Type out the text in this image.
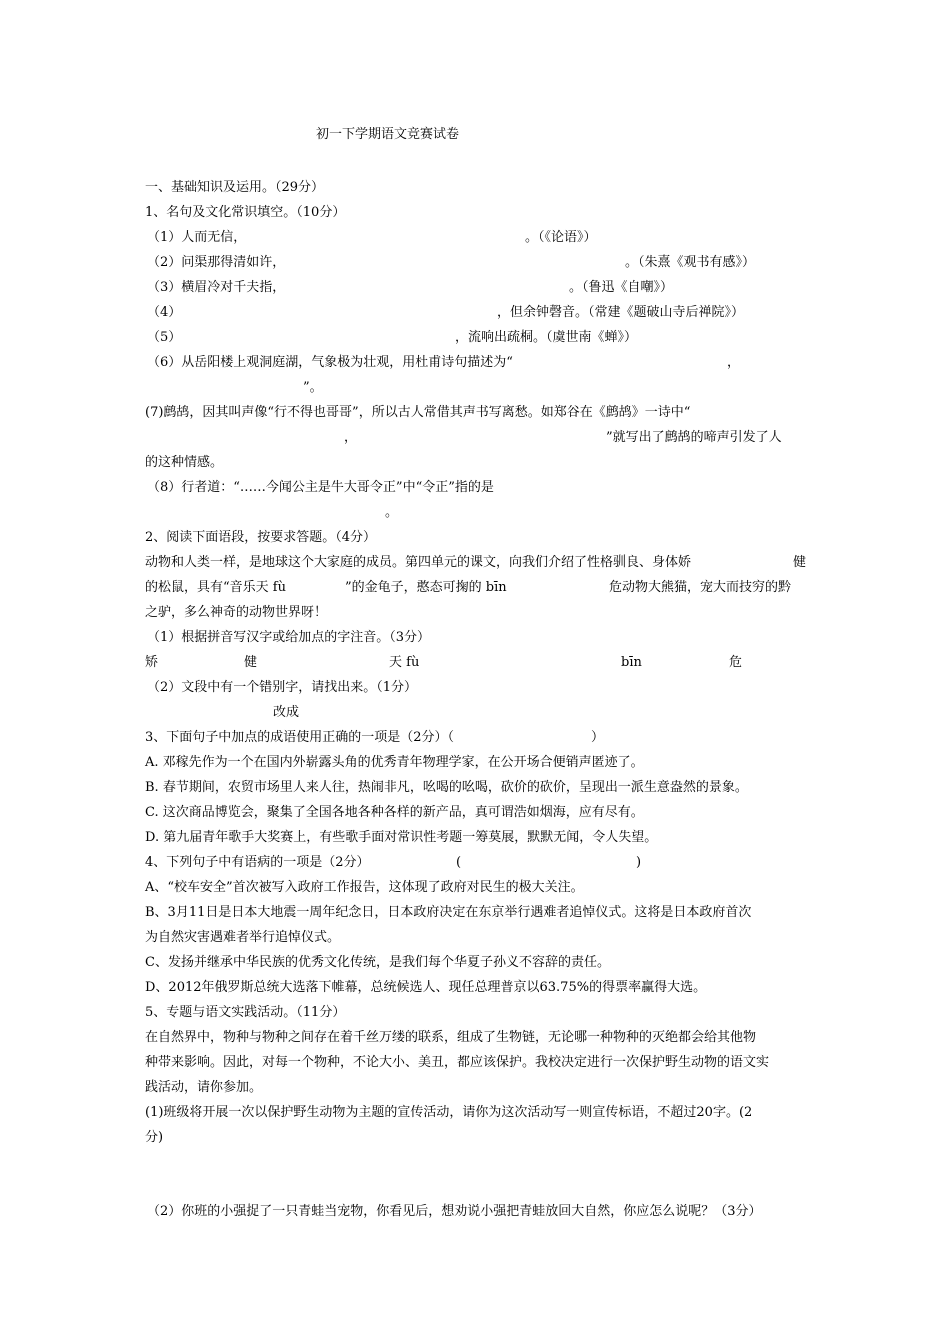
初一下学期语文竞赛试卷
一、基础知识及运用。（29分）
1、名句及文化常识填空。（10分）
（1）人而无信，	。（《论语》）
（2）问渠那得清如许，	。（朱熹《观书有感》）
（3）横眉冷对千夫指，	。（鲁迅《自嘲》）
（4）	，但余钟磬音。（常建《题破山寺后禅院》）
（5）	，流响出疏桐。（虞世南《蝉》）
（6）从岳阳楼上观洞庭湖，气象极为壮观，用杜甫诗句描述为“	，
”。
(7)鹧鸪，因其叫声像“行不得也哥哥”，所以古人常借其声书写离愁。如郑谷在《鹧鸪》一诗中“
，	”就写出了鹧鸪的啼声引发了人
的这种情感。
（8）行者道：“……今闻公主是牛大哥令正”中“令正”指的是
。
2、阅读下面语段，按要求答题。（4分）
动物和人类一样，是地球这个大家庭的成员。第四单元的课文，向我们介绍了性格驯良、身体娇	健
的松鼠，具有“音乐天 fù	”的金龟子，憨态可掬的 bīn	危动物大熊猫，宠大而技穷的黔
之驴，多么神奇的动物世界呀！
（1）根据拼音写汉字或给加点的字注音。（3分）
矫	健	天 fù	bīn	危
（2）文段中有一个错别字，请找出来。（1分）
改成
3、下面句子中加点的成语使用正确的一项是（2分）（	）
A. 邓稼先作为一个在国内外崭露头角的优秀青年物理学家，在公开场合便销声匿迹了。
B. 春节期间，农贸市场里人来人往，热闹非凡，吆喝的吆喝，砍价的砍价，呈现出一派生意盎然的景象。
C. 这次商品博览会，聚集了全国各地各种各样的新产品，真可谓浩如烟海，应有尽有。
D. 第九届青年歌手大奖赛上，有些歌手面对常识性考题一筹莫展，默默无闻，令人失望。
4、下列句子中有语病的一项是（2分）	(	)
A、“校车安全”首次被写入政府工作报告，这体现了政府对民生的极大关注。
B、3月11日是日本大地震一周年纪念日，日本政府决定在东京举行遇难者追悼仪式。这将是日本政府首次
为自然灾害遇难者举行追悼仪式。
C、发扬并继承中华民族的优秀文化传统，是我们每个华夏子孙义不容辞的责任。
D、2012年俄罗斯总统大选落下帷幕，总统候选人、现任总理普京以63.75%的得票率赢得大选。
5、专题与语文实践活动。（11分）
在自然界中，物种与物种之间存在着千丝万缕的联系，组成了生物链，无论哪一种物种的灭绝都会给其他物
种带来影响。因此，对每一个物种，不论大小、美丑，都应该保护。我校决定进行一次保护野生动物的语文实
践活动，请你参加。
(1)班级将开展一次以保护野生动物为主题的宣传活动，请你为这次活动写一则宣传标语，不超过20字。(2
分)
（2）你班的小强捉了一只青蛙当宠物，你看见后，想劝说小强把青蛙放回大自然，你应怎么说呢？（3分）
